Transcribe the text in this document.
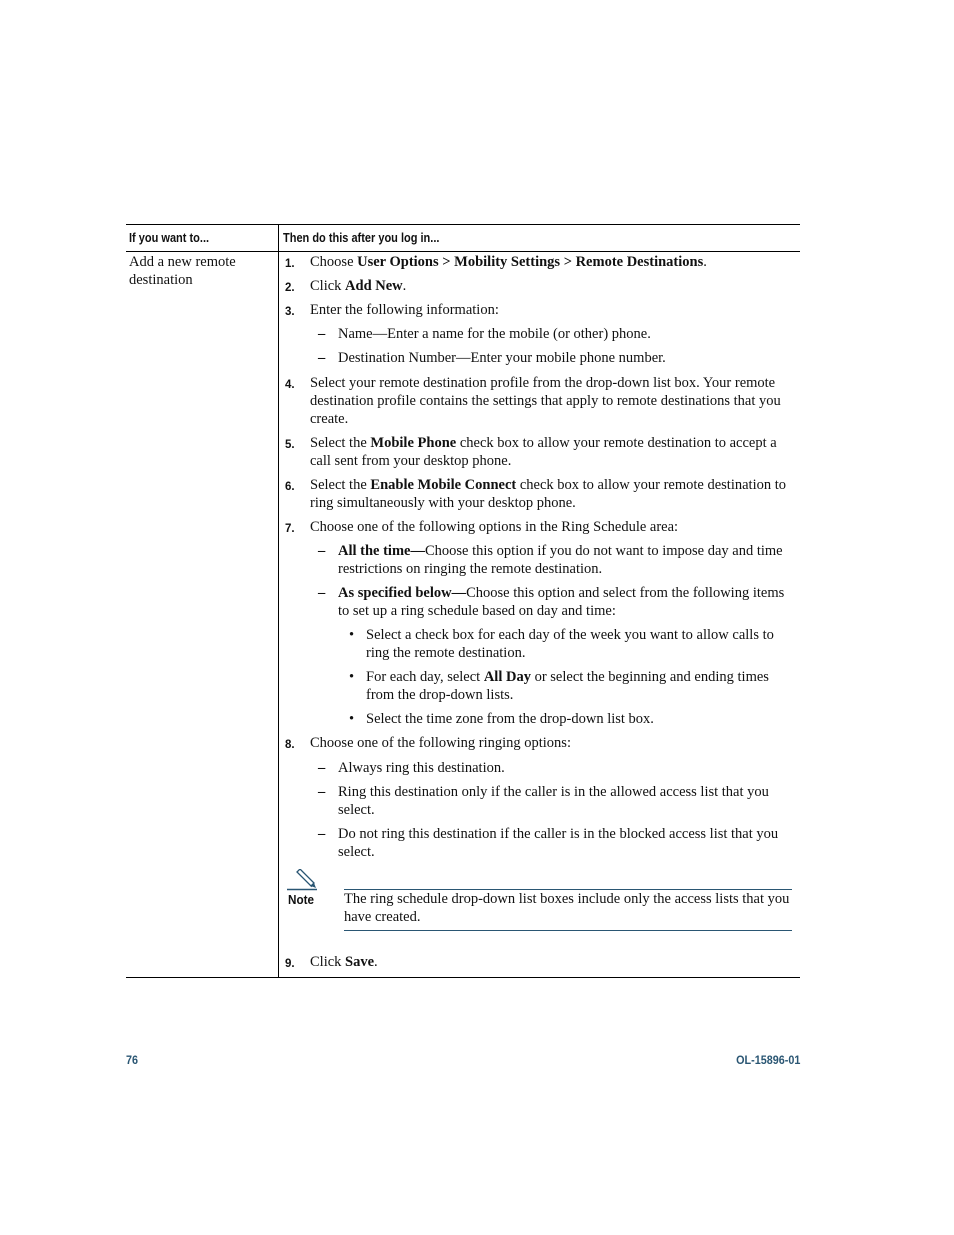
If you want to...	Then do this after you log in...
Add a new remote destination
1. Choose User Options > Mobility Settings > Remote Destinations.
2. Click Add New.
3. Enter the following information:
– Name—Enter a name for the mobile (or other) phone.
– Destination Number—Enter your mobile phone number.
4. Select your remote destination profile from the drop-down list box. Your remote destination profile contains the settings that apply to remote destinations that you create.
5. Select the Mobile Phone check box to allow your remote destination to accept a call sent from your desktop phone.
6. Select the Enable Mobile Connect check box to allow your remote destination to ring simultaneously with your desktop phone.
7. Choose one of the following options in the Ring Schedule area:
– All the time—Choose this option if you do not want to impose day and time restrictions on ringing the remote destination.
– As specified below—Choose this option and select from the following items to set up a ring schedule based on day and time:
• Select a check box for each day of the week you want to allow calls to ring the remote destination.
• For each day, select All Day or select the beginning and ending times from the drop-down lists.
• Select the time zone from the drop-down list box.
8. Choose one of the following ringing options:
– Always ring this destination.
– Ring this destination only if the caller is in the allowed access list that you select.
– Do not ring this destination if the caller is in the blocked access list that you select.
Note The ring schedule drop-down list boxes include only the access lists that you have created.
9. Click Save.
76	OL-15896-01
